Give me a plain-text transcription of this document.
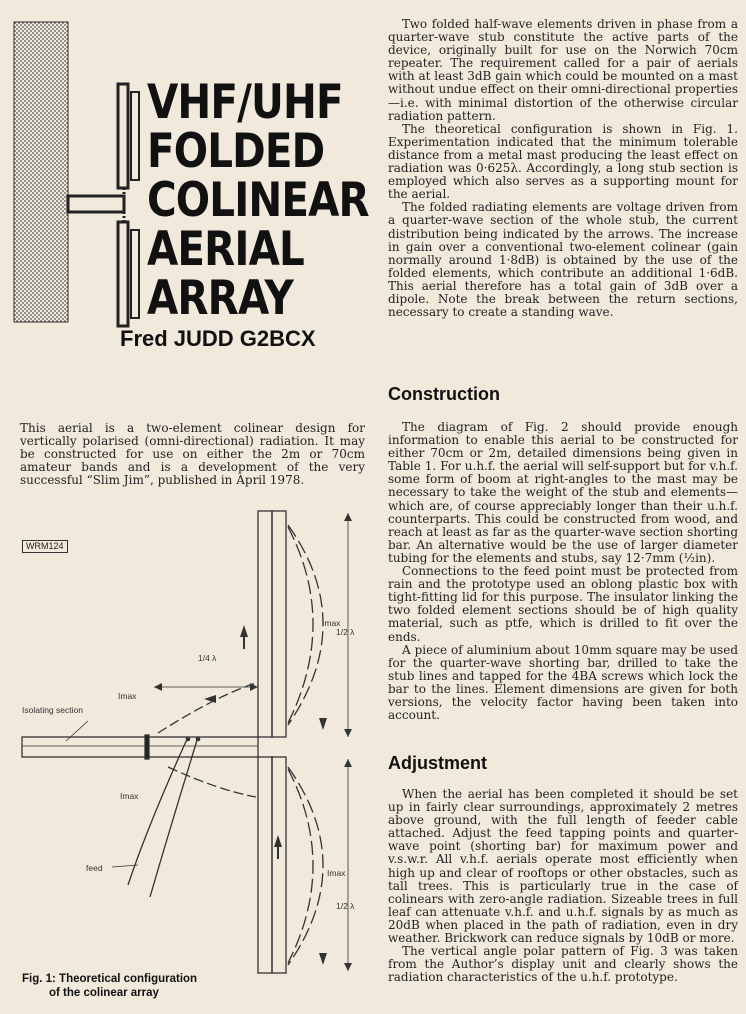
VHF/UHF
FOLDED
COLINEAR
AERIAL
ARRAY
Fred JUDD G2BCX

Two folded half-wave elements driven in phase from a quarter-wave stub constitute the active parts of the device, originally built for use on the Norwich 70cm repeater. The requirement called for a pair of aerials with at least 3dB gain which could be mounted on a mast without undue effect on their omni-directional properties—i.e. with minimal distortion of the otherwise circular radiation pattern.

The theoretical configuration is shown in Fig. 1. Experimentation indicated that the minimum tolerable distance from a metal mast producing the least effect on radiation was 0·625λ. Accordingly, a long stub section is employed which also serves as a supporting mount for the aerial.

The folded radiating elements are voltage driven from a quarter-wave section of the whole stub, the current distribution being indicated by the arrows. The increase in gain over a conventional two-element colinear (gain normally around 1·8dB) is obtained by the use of the folded elements, which contribute an additional 1·6dB. This aerial therefore has a total gain of 3dB over a dipole. Note the break between the return sections, necessary to create a standing wave.

Construction

The diagram of Fig. 2 should provide enough information to enable this aerial to be constructed for either 70cm or 2m, detailed dimensions being given in Table 1. For u.h.f. the aerial will self-support but for v.h.f. some form of boom at right-angles to the mast may be necessary to take the weight of the stub and elements—which are, of course appreciably longer than their u.h.f. counterparts. This could be constructed from wood, and reach at least as far as the quarter-wave section shorting bar. An alternative would be the use of larger diameter tubing for the elements and stubs, say 12·7mm (½in).

Connections to the feed point must be protected from rain and the prototype used an oblong plastic box with tight-fitting lid for this purpose. The insulator linking the two folded element sections should be of high quality material, such as ptfe, which is drilled to fit over the ends.

A piece of aluminium about 10mm square may be used for the quarter-wave shorting bar, drilled to take the stub lines and tapped for the 4BA screws which lock the bar to the lines. Element dimensions are given for both versions, the velocity factor having been taken into account.

Adjustment

When the aerial has been completed it should be set up in fairly clear surroundings, approximately 2 metres above ground, with the full length of feeder cable attached. Adjust the feed tapping points and quarter-wave point (shorting bar) for maximum power and v.s.w.r. All v.h.f. aerials operate most efficiently when high up and clear of rooftops or other obstacles, such as tall trees. This is particularly true in the case of colinears with zero-angle radiation. Sizeable trees in full leaf can attenuate v.h.f. and u.h.f. signals by as much as 20dB when placed in the path of radiation, even in dry weather. Brickwork can reduce signals by 10dB or more.

The vertical angle polar pattern of Fig. 3 was taken from the Author’s display unit and clearly shows the radiation characteristics of the u.h.f. prototype.

This aerial is a two-element colinear design for vertically polarised (omni-directional) radiation. It may be constructed for use on either the 2m or 70cm amateur bands and is a development of the very successful “Slim Jim”, published in April 1978.

WRM124
Imax
Imax
1/4 λ
1/2 λ
Isolating section
Imax
feed	Imax
1/2 λ
Fig. 1: Theoretical configuration
of the colinear array
